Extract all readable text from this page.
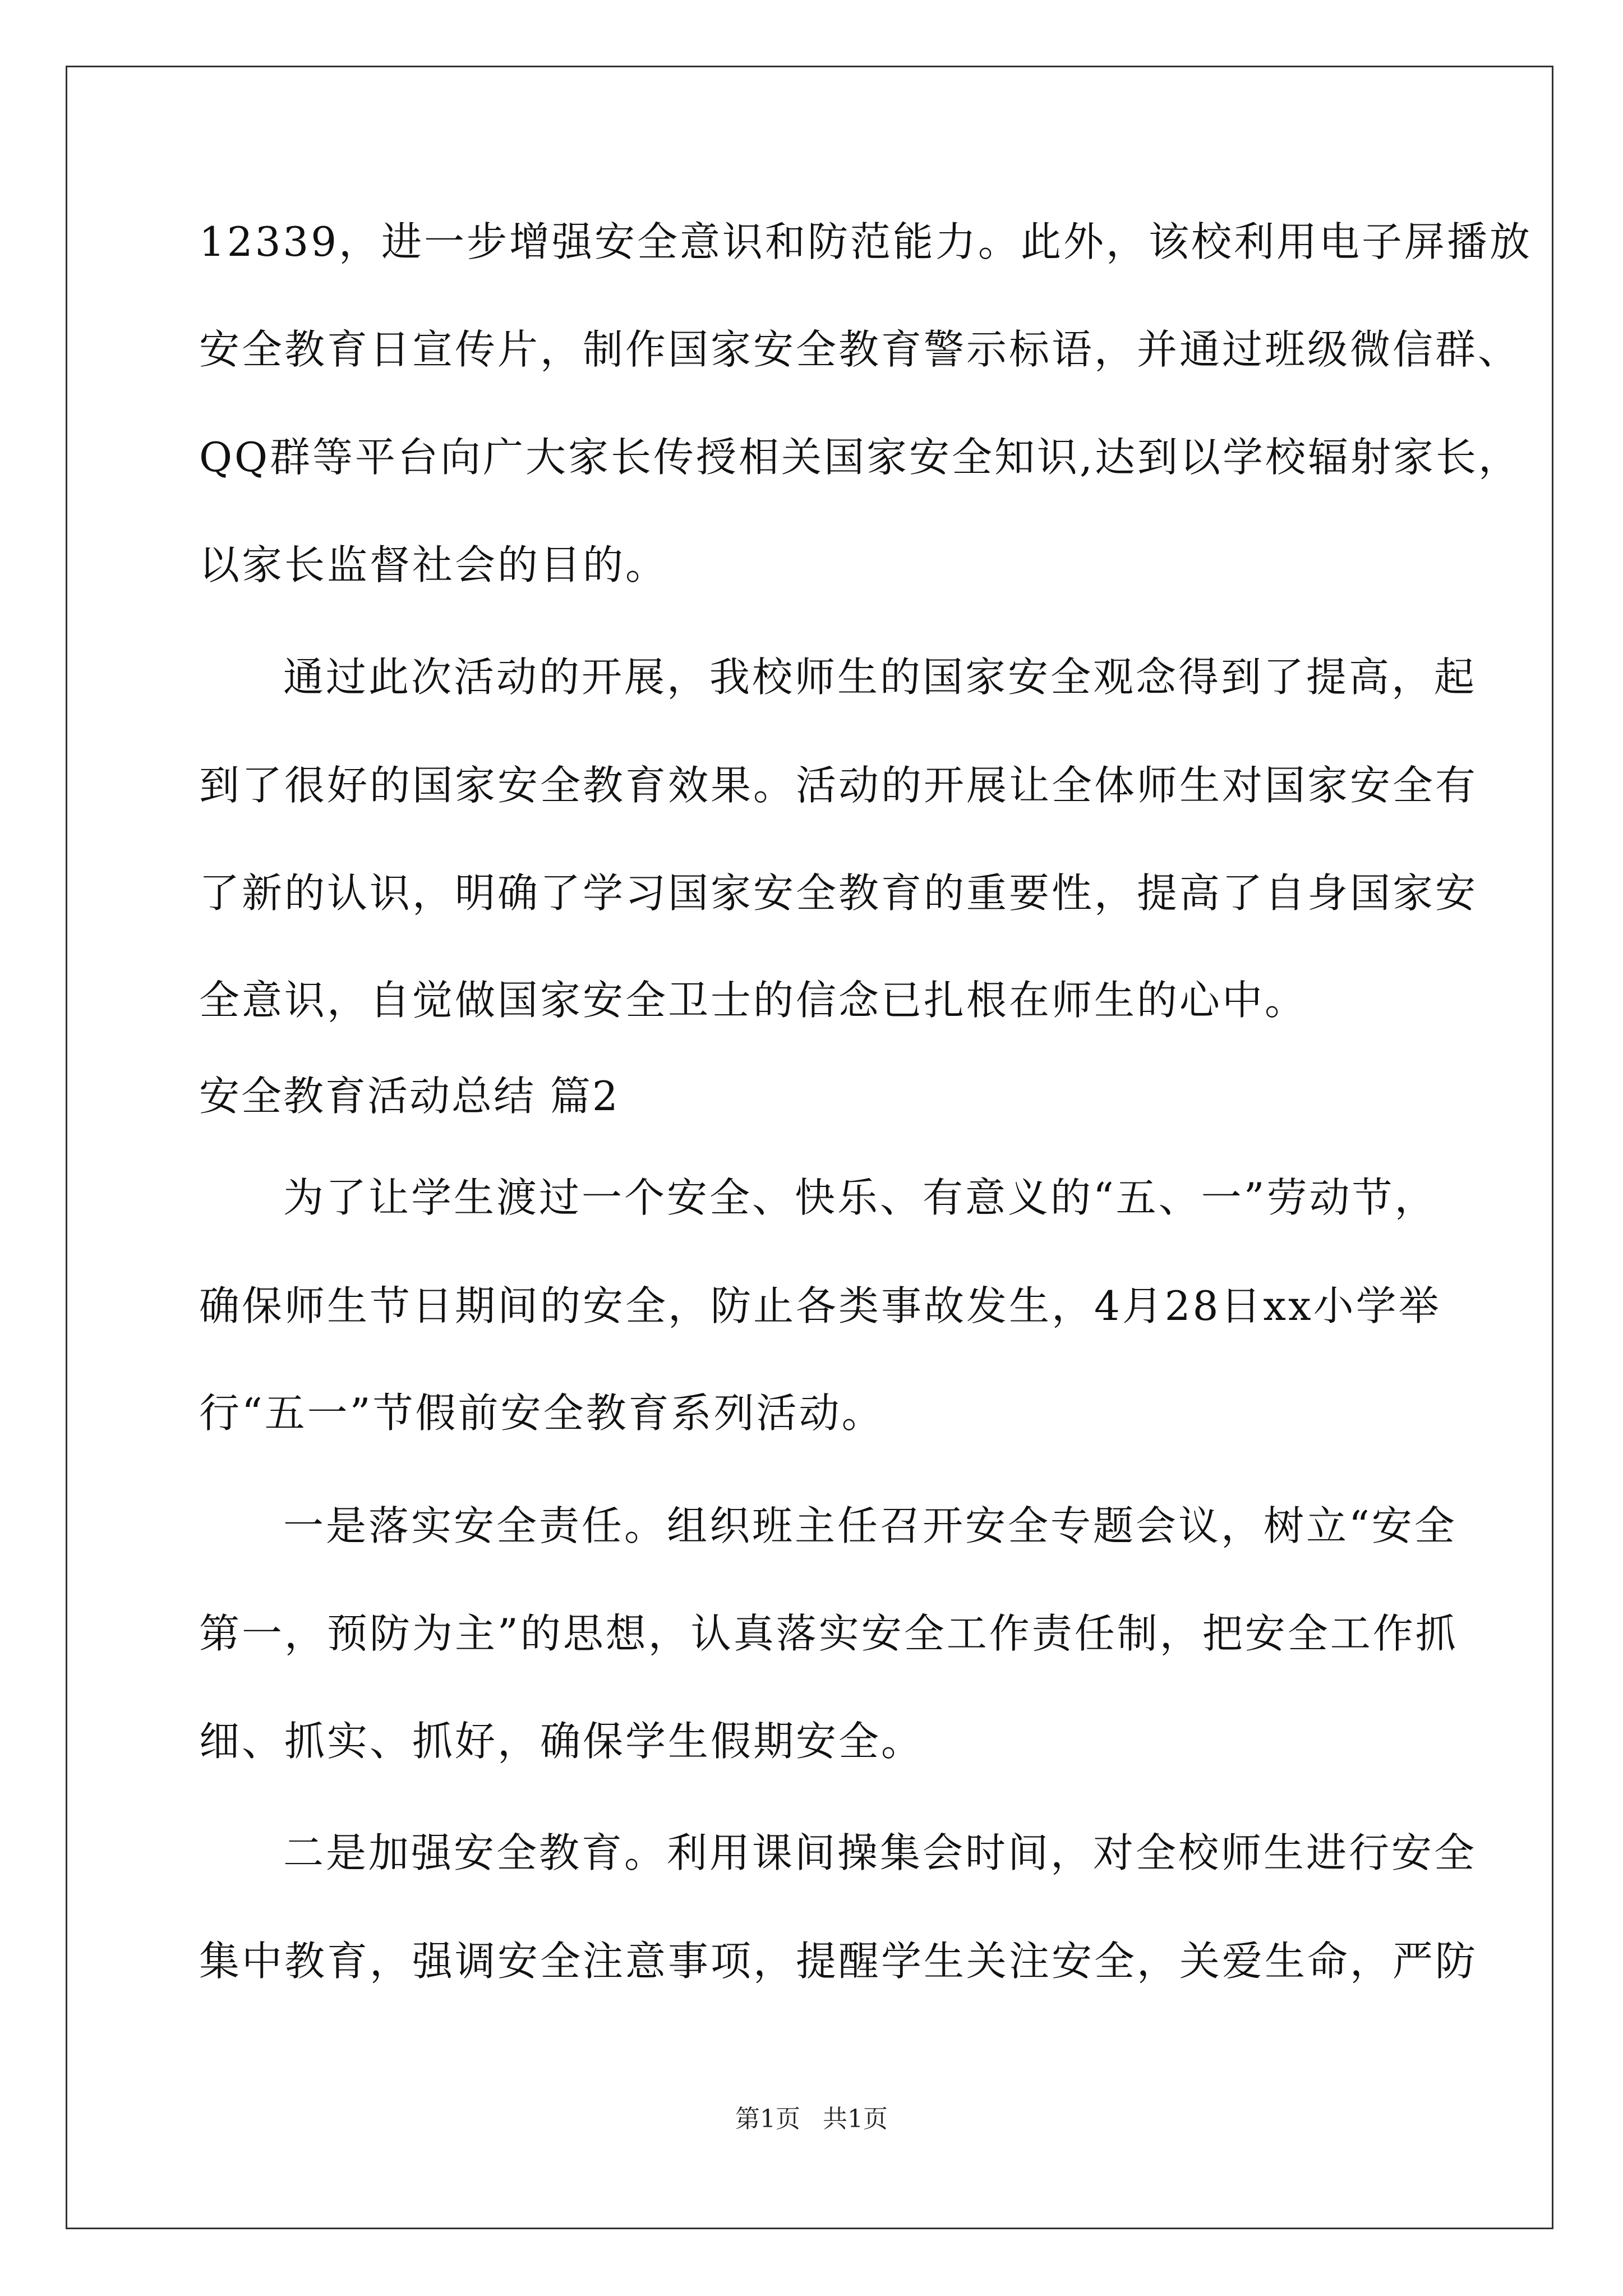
12339，进一步增强安全意识和防范能力。此外，该校利用电子屏播放
安全教育日宣传片，制作国家安全教育警示标语，并通过班级微信群、
QQ群等平台向广大家长传授相关国家安全知识,达到以学校辐射家长，
以家长监督社会的目的。
通过此次活动的开展，我校师生的国家安全观念得到了提高，起
到了很好的国家安全教育效果。活动的开展让全体师生对国家安全有
了新的认识，明确了学习国家安全教育的重要性，提高了自身国家安
全意识，自觉做国家安全卫士的信念已扎根在师生的心中。
安全教育活动总结 篇2
为了让学生渡过一个安全、快乐、有意义的“五、一”劳动节，
确保师生节日期间的安全，防止各类事故发生，4月28日xx小学举
行“五一”节假前安全教育系列活动。
一是落实安全责任。组织班主任召开安全专题会议，树立“安全
第一，预防为主”的思想，认真落实安全工作责任制，把安全工作抓
细、抓实、抓好，确保学生假期安全。
二是加强安全教育。利用课间操集会时间，对全校师生进行安全
集中教育，强调安全注意事项，提醒学生关注安全，关爱生命，严防
第1页 共1页
